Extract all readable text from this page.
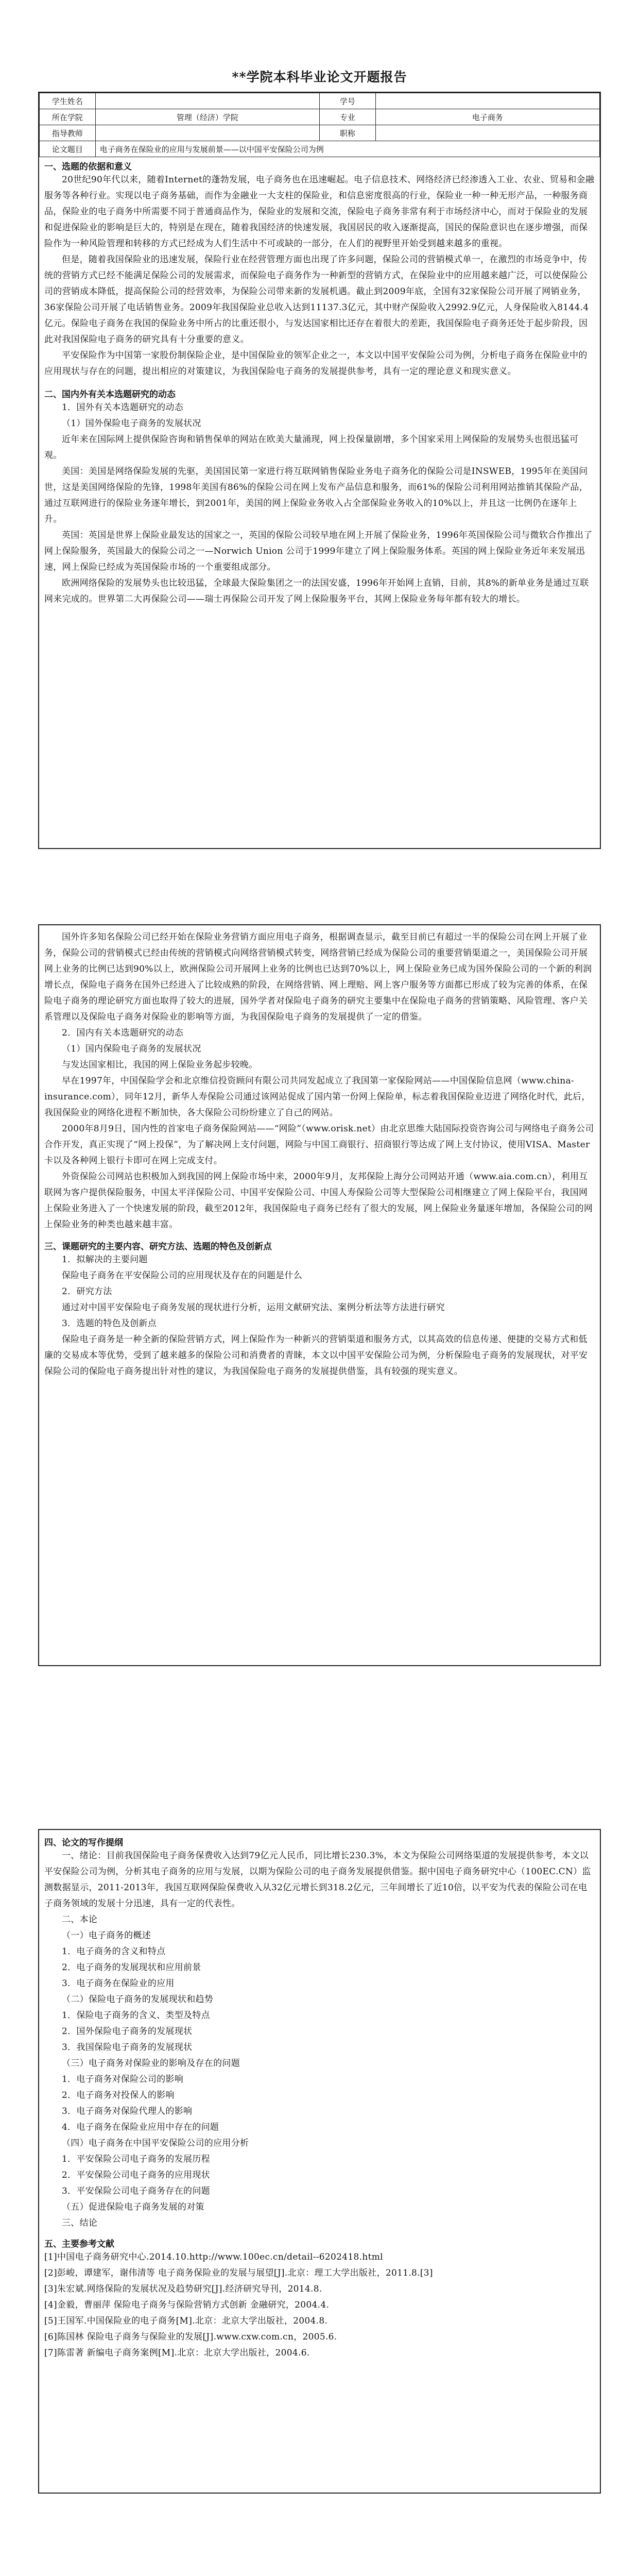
**学院本科毕业论文开题报告
学生姓名		学号	
所在学院	管理（经济）学院	专业	电子商务
指导教师		职称	
论文题目	电子商务在保险业的应用与发展前景——以中国平安保险公司为例		
一、选题的依据和意义

20世纪90年代以来，随着Internet的蓬勃发展，电子商务也在迅速崛起。电子信息技术、网络经济已经渗透入工业、农业、贸易和金融服务等各种行业。实现以电子商务基础，而作为金融业一大支柱的保险业，和信息密度很高的行业，保险业一种一种无形产品，一种服务商品，保险业的电子商务中所需要不同于普通商品作为，保险业的发展和交流，保险电子商务非常有利于市场经济中心，而对于保险业的发展和促进保险业的影响是巨大的，特别是在现在，随着我国经济的快速发展，我国居民的收入逐渐提高，国民的保险意识也在逐步增强，而保险作为一种风险管理和转移的方式已经成为人们生活中不可或缺的一部分，在人们的视野里开始受到越来越多的重视。

但是，随着我国保险业的迅速发展，保险行业在经营管理方面也出现了许多问题，保险公司的营销模式单一，在激烈的市场竞争中，传统的营销方式已经不能满足保险公司的发展需求，而保险电子商务作为一种新型的营销方式，在保险业中的应用越来越广泛，可以使保险公司的营销成本降低，提高保险公司的经营效率，为保险公司带来新的发展机遇。截止到2009年底，全国有32家保险公司开展了网销业务，36家保险公司开展了电话销售业务。2009年我国保险业总收入达到11137.3亿元，其中财产保险收入2992.9亿元，人身保险收入8144.4亿元。保险电子商务在我国的保险业务中所占的比重还很小，与发达国家相比还存在着很大的差距，我国保险电子商务还处于起步阶段，因此对我国保险电子商务的研究具有十分重要的意义。

平安保险作为中国第一家股份制保险企业，是中国保险业的领军企业之一，本文以中国平安保险公司为例，分析电子商务在保险业中的应用现状与存在的问题，提出相应的对策建议，为我国保险电子商务的发展提供参考，具有一定的理论意义和现实意义。

二、国内外有关本选题研究的动态
1．国外有关本选题研究的动态
（1）国外保险电子商务的发展状况

近年来在国际网上提供保险咨询和销售保单的网站在欧美大量涌现，网上投保量剧增，多个国家采用上网保险的发展势头也很迅猛可观。

美国：美国是网络保险发展的先驱，美国国民第一家进行将互联网销售保险业务电子商务化的保险公司是INSWEB，1995年在美国问世，这是美国网络保险的先锋，1998年美国有86%的保险公司在网上发布产品信息和服务，而61%的保险公司利用网站推销其保险产品，通过互联网进行的保险业务逐年增长，到2001年，美国的网上保险业务收入占全部保险业务收入的10%以上，并且这一比例仍在逐年上升。

英国：英国是世界上保险业最发达的国家之一，英国的保险公司较早地在网上开展了保险业务，1996年英国保险公司与微软合作推出了网上保险服务，英国最大的保险公司之一—Norwich Union 公司于1999年建立了网上保险服务体系。英国的网上保险业务近年来发展迅速，网上保险已经成为英国保险市场的一个重要组成部分。

欧洲网络保险的发展势头也比较迅猛，全球最大保险集团之一的法国安盛，1996年开始网上直销，目前，其8%的新单业务是通过互联网来完成的。世界第二大再保险公司——瑞士再保险公司开发了网上保险服务平台，其网上保险业务每年都有较大的增长。

国外许多知名保险公司已经开始在保险业务营销方面应用电子商务，根据调查显示，截至目前已有超过一半的保险公司在网上开展了业务，保险公司的营销模式已经由传统的营销模式向网络营销模式转变，网络营销已经成为保险公司的重要营销渠道之一，美国保险公司开展网上业务的比例已达到90%以上，欧洲保险公司开展网上业务的比例也已达到70%以上，网上保险业务已成为国外保险公司的一个新的利润增长点，保险电子商务在国外已经进入了比较成熟的阶段，在网络营销、网上理赔、网上客户服务等方面都已形成了较为完善的体系，在保险电子商务的理论研究方面也取得了较大的进展，国外学者对保险电子商务的研究主要集中在保险电子商务的营销策略、风险管理、客户关系管理以及保险电子商务对保险业的影响等方面，为我国保险电子商务的发展提供了一定的借鉴。

2．国内有关本选题研究的动态
（1）国内保险电子商务的发展状况

与发达国家相比，我国的网上保险业务起步较晚。

早在1997年，中国保险学会和北京维信投资顾问有限公司共同发起成立了我国第一家保险网站——中国保险信息网（www.china-insurance.com），同年12月，新华人寿保险公司通过该网站促成了国内第一份网上保险单，标志着我国保险业迈进了网络化时代，此后，我国保险业的网络化进程不断加快，各大保险公司纷纷建立了自己的网站。

2000年8月9日，国内性的首家电子商务保险网站——“网险”（www.orisk.net）由北京思维大陆国际投资咨询公司与网络电子商务公司合作开发，真正实现了“网上投保”，为了解决网上支付问题，网险与中国工商银行、招商银行等达成了网上支付协议，使用VISA、Master卡以及各种网上银行卡即可在网上完成支付。

外资保险公司网站也积极加入到我国的网上保险市场中来，2000年9月，友邦保险上海分公司网站开通（www.aia.com.cn），利用互联网为客户提供保险服务，中国太平洋保险公司、中国平安保险公司、中国人寿保险公司等大型保险公司相继建立了网上保险平台，我国网上保险业务进入了一个快速发展的阶段，截至2012年，我国保险电子商务已经有了很大的发展，网上保险业务量逐年增加，各保险公司的网上保险业务的种类也越来越丰富。

三、课题研究的主要内容、研究方法、选题的特色及创新点
1．拟解决的主要问题
保险电子商务在平安保险公司的应用现状及存在的问题是什么
2．研究方法
通过对中国平安保险电子商务发展的现状进行分析，运用文献研究法、案例分析法等方法进行研究
3．选题的特色及创新点

保险电子商务是一种全新的保险营销方式，网上保险作为一种新兴的营销渠道和服务方式，以其高效的信息传递、便捷的交易方式和低廉的交易成本等优势，受到了越来越多的保险公司和消费者的青睐，本文以中国平安保险公司为例，分析保险电子商务的发展现状，对平安保险公司的保险电子商务提出针对性的建议，为我国保险电子商务的发展提供借鉴，具有较强的现实意义。

四、论文的写作提纲

一、绪论：目前我国保险电子商务保费收入达到79亿元人民币，同比增长230.3%，本文为保险公司网络渠道的发展提供参考，本文以平安保险公司为例，分析其电子商务的应用与发展，以期为保险公司的电子商务发展提供借鉴。据中国电子商务研究中心（100EC.CN）监测数据显示，2011-2013年，我国互联网保险保费收入从32亿元增长到318.2亿元，三年间增长了近10倍，以平安为代表的保险公司在电子商务领域的发展十分迅速，具有一定的代表性。

二、本论
（一）电子商务的概述
1．电子商务的含义和特点
2．电子商务的发展现状和应用前景
3．电子商务在保险业的应用
（二）保险电子商务的发展现状和趋势
1．保险电子商务的含义、类型及特点
2．国外保险电子商务的发展现状
3．我国保险电子商务的发展现状
（三）电子商务对保险业的影响及存在的问题
1．电子商务对保险公司的影响
2．电子商务对投保人的影响
3．电子商务对保险代理人的影响
4．电子商务在保险业应用中存在的问题
（四）电子商务在中国平安保险公司的应用分析
1．平安保险公司电子商务的发展历程
2．平安保险公司电子商务的应用现状
3．平安保险公司电子商务存在的问题
（五）促进保险电子商务发展的对策
三、结论
五、主要参考文献
[1]中国电子商务研究中心.2014.10.http://www.100ec.cn/detail--6202418.html
[2]彭峻，谭建军，谢伟清等 电子商务保险业的发展与展望[J].北京：理工大学出版社，2011.8.[3]
[3]朱宏斌.网络保险的发展状况及趋势研究[J].经济研究导刊，2014.8.
[4]金毅，曹丽萍 保险电子商务与保险营销方式创新 金融研究，2004.4.
[5]王国军.中国保险业的电子商务[M].北京：北京大学出版社，2004.8.
[6]陈国林 保险电子商务与保险业的发展[J].www.cxw.com.cn，2005.6.
[7]陈雷著 新编电子商务案例[M].北京：北京大学出版社，2004.6.
